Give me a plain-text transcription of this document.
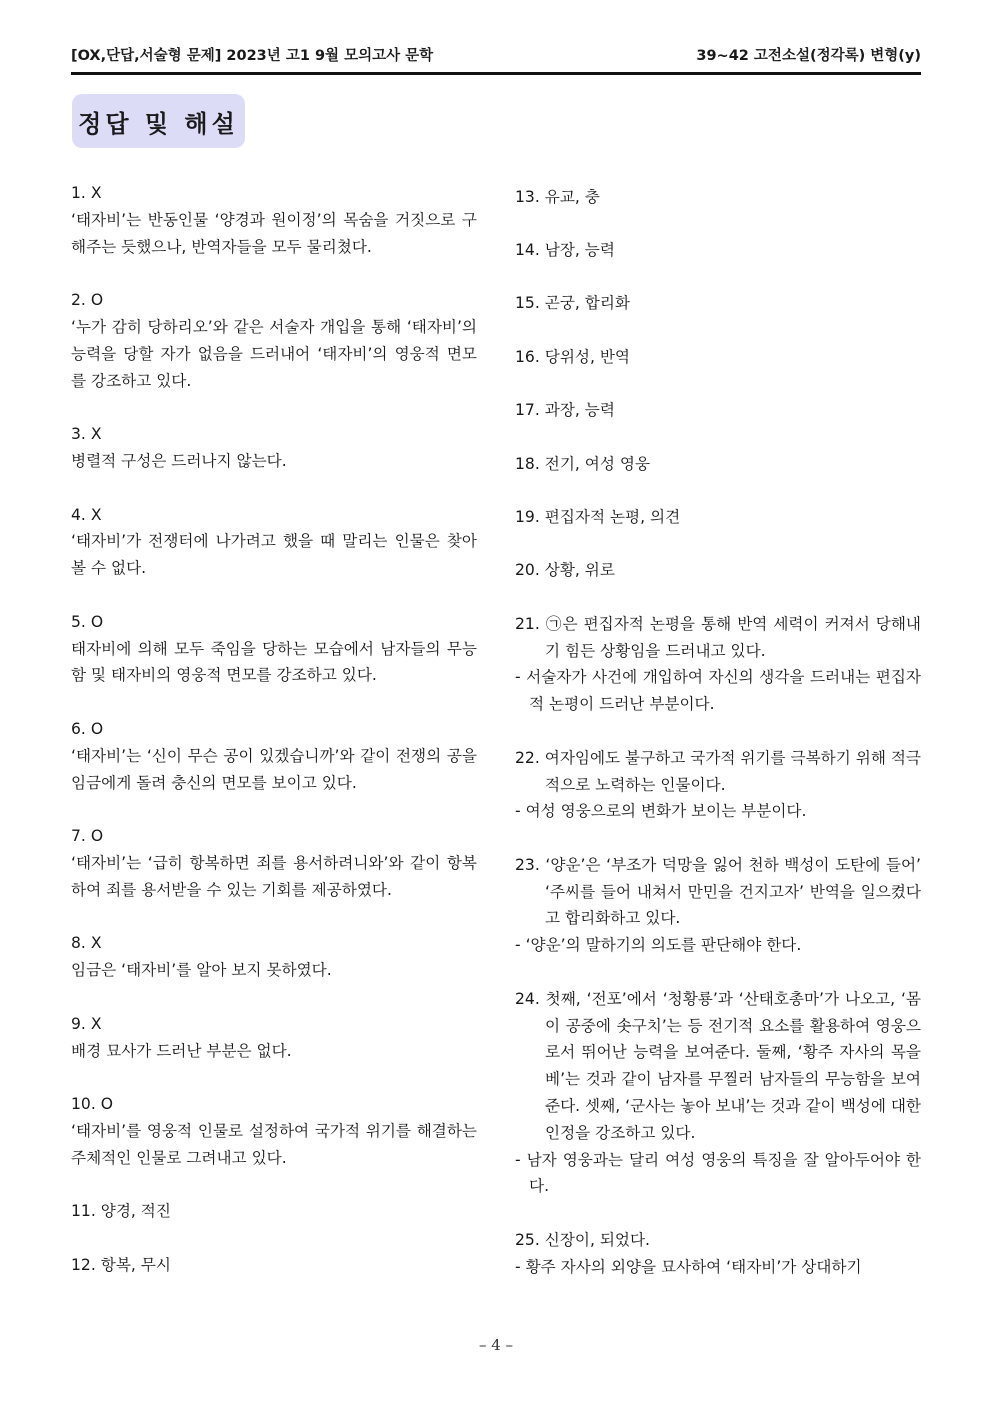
[OX,단답,서술형 문제] 2023년 고1 9월 모의고사 문학	39~42 고전소설(정각록) 변형(y)
정답 및 해설

1. X

‘태자비’는 반동인물 ‘양경과 원이정’의 목숨을 거짓으로 구해주는 듯했으나, 반역자들을 모두 물리쳤다.

2. O

‘누가 감히 당하리오’와 같은 서술자 개입을 통해 ‘태자비’의 능력을 당할 자가 없음을 드러내어 ‘태자비’의 영웅적 면모를 강조하고 있다.

3. X

병렬적 구성은 드러나지 않는다.

4. X

‘태자비’가 전쟁터에 나가려고 했을 때 말리는 인물은 찾아볼 수 없다.

5. O

태자비에 의해 모두 죽임을 당하는 모습에서 남자들의 무능함 및 태자비의 영웅적 면모를 강조하고 있다.

6. O

‘태자비’는 ‘신이 무슨 공이 있겠습니까’와 같이 전쟁의 공을 임금에게 돌려 충신의 면모를 보이고 있다.

7. O

‘태자비’는 ‘급히 항복하면 죄를 용서하려니와’와 같이 항복하여 죄를 용서받을 수 있는 기회를 제공하였다.

8. X

임금은 ‘태자비’를 알아 보지 못하였다.

9. X

배경 묘사가 드러난 부분은 없다.

10. O

‘태자비’를 영웅적 인물로 설정하여 국가적 위기를 해결하는 주체적인 인물로 그려내고 있다.

11. 양경, 적진

12. 항복, 무시

13. 유교, 충

14. 남장, 능력

15. 곤궁, 합리화

16. 당위성, 반역

17. 과장, 능력

18. 전기, 여성 영웅

19. 편집자적 논평, 의견

20. 상황, 위로

21. ㉠은 편집자적 논평을 통해 반역 세력이 커져서 당해내기 힘든 상황임을 드러내고 있다.

- 서술자가 사건에 개입하여 자신의 생각을 드러내는 편집자적 논평이 드러난 부분이다.

22. 여자임에도 불구하고 국가적 위기를 극복하기 위해 적극적으로 노력하는 인물이다.

- 여성 영웅으로의 변화가 보이는 부분이다.

23. ‘양운’은 ‘부조가 덕망을 잃어 천하 백성이 도탄에 들어’ ‘주씨를 들어 내쳐서 만민을 건지고자’ 반역을 일으켰다고 합리화하고 있다.

- ‘양운’의 말하기의 의도를 판단해야 한다.

24. 첫째, ‘전포’에서 ‘청황룡’과 ‘산태호총마’가 나오고, ‘몸이 공중에 솟구치’는 등 전기적 요소를 활용하여 영웅으로서 뛰어난 능력을 보여준다. 둘째, ‘황주 자사의 목을 베’는 것과 같이 남자를 무찔러 남자들의 무능함을 보여준다. 셋째, ‘군사는 놓아 보내’는 것과 같이 백성에 대한 인정을 강조하고 있다.

- 남자 영웅과는 달리 여성 영웅의 특징을 잘 알아두어야 한다.

25. 신장이, 되었다.

- 황주 자사의 외양을 묘사하여 ‘태자비’가 상대하기

– 4 –
